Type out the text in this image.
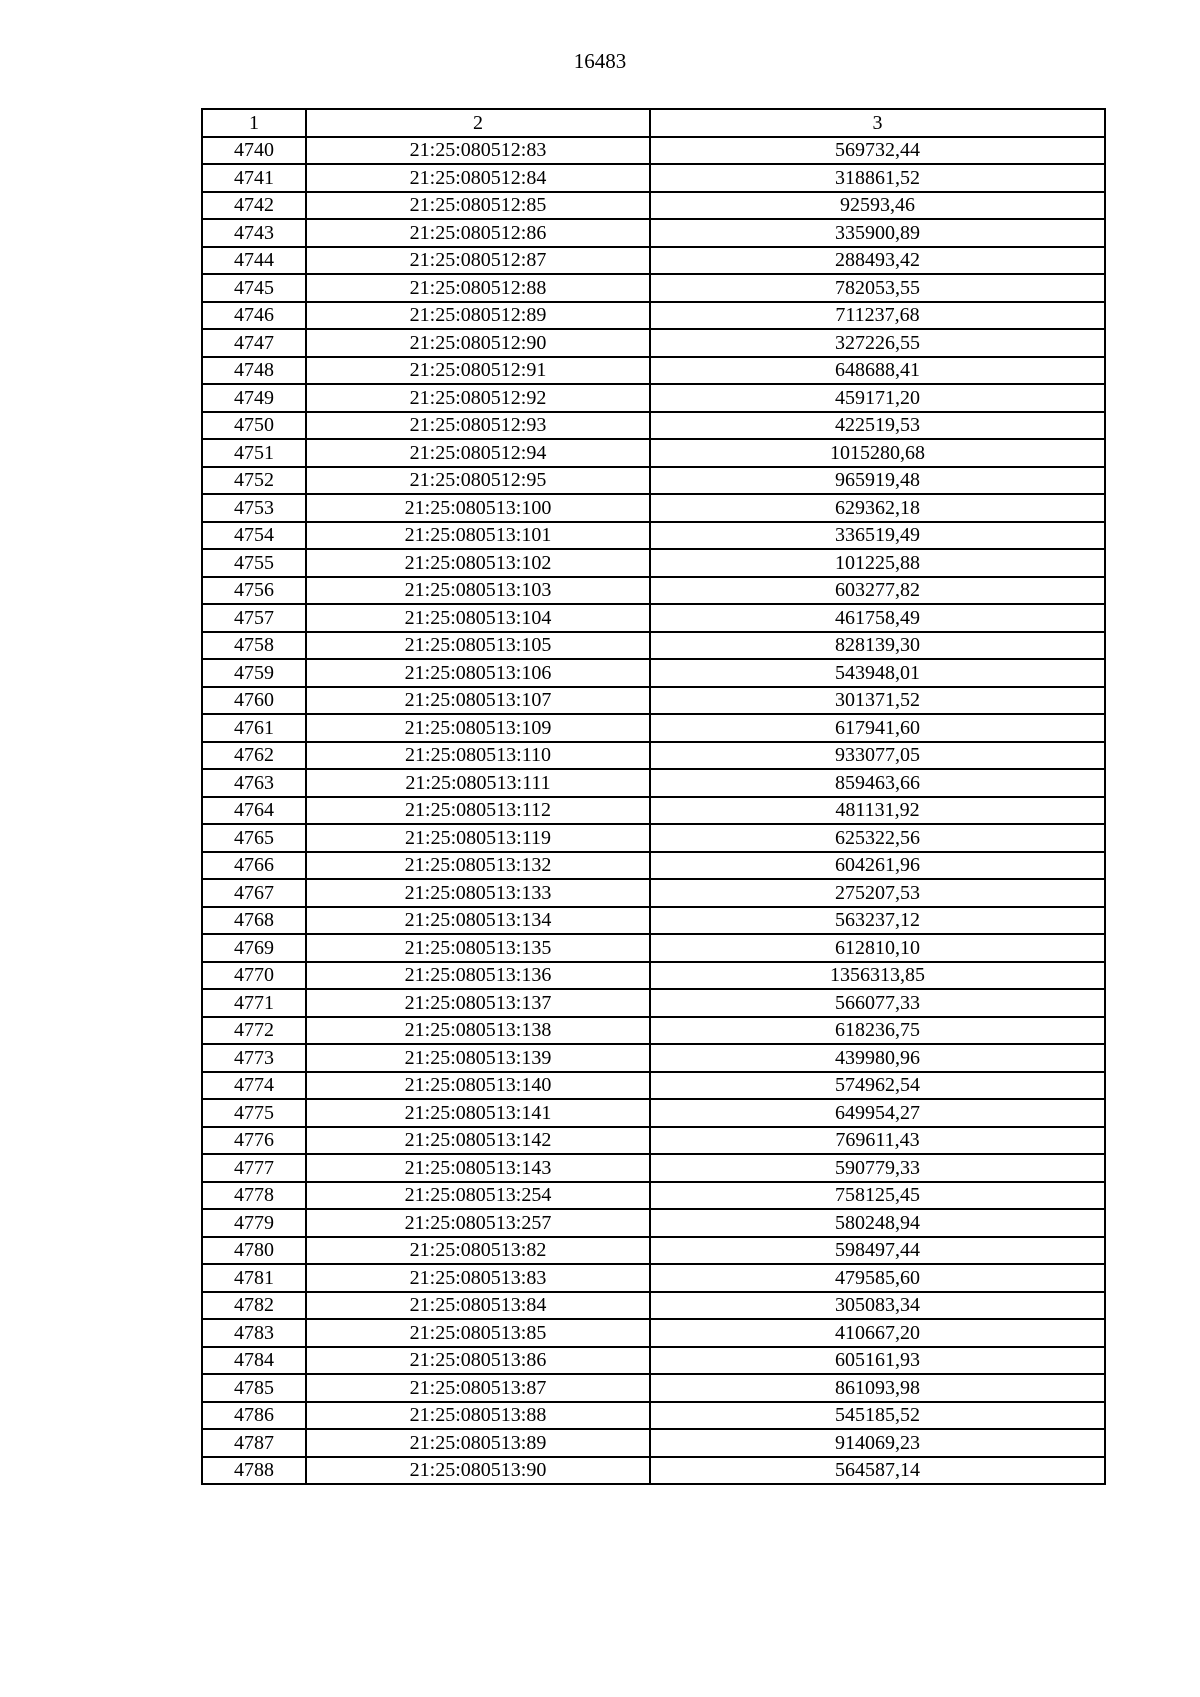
16483
1	2	3
4740	21:25:080512:83	569732,44
4741	21:25:080512:84	318861,52
4742	21:25:080512:85	92593,46
4743	21:25:080512:86	335900,89
4744	21:25:080512:87	288493,42
4745	21:25:080512:88	782053,55
4746	21:25:080512:89	711237,68
4747	21:25:080512:90	327226,55
4748	21:25:080512:91	648688,41
4749	21:25:080512:92	459171,20
4750	21:25:080512:93	422519,53
4751	21:25:080512:94	1015280,68
4752	21:25:080512:95	965919,48
4753	21:25:080513:100	629362,18
4754	21:25:080513:101	336519,49
4755	21:25:080513:102	101225,88
4756	21:25:080513:103	603277,82
4757	21:25:080513:104	461758,49
4758	21:25:080513:105	828139,30
4759	21:25:080513:106	543948,01
4760	21:25:080513:107	301371,52
4761	21:25:080513:109	617941,60
4762	21:25:080513:110	933077,05
4763	21:25:080513:111	859463,66
4764	21:25:080513:112	481131,92
4765	21:25:080513:119	625322,56
4766	21:25:080513:132	604261,96
4767	21:25:080513:133	275207,53
4768	21:25:080513:134	563237,12
4769	21:25:080513:135	612810,10
4770	21:25:080513:136	1356313,85
4771	21:25:080513:137	566077,33
4772	21:25:080513:138	618236,75
4773	21:25:080513:139	439980,96
4774	21:25:080513:140	574962,54
4775	21:25:080513:141	649954,27
4776	21:25:080513:142	769611,43
4777	21:25:080513:143	590779,33
4778	21:25:080513:254	758125,45
4779	21:25:080513:257	580248,94
4780	21:25:080513:82	598497,44
4781	21:25:080513:83	479585,60
4782	21:25:080513:84	305083,34
4783	21:25:080513:85	410667,20
4784	21:25:080513:86	605161,93
4785	21:25:080513:87	861093,98
4786	21:25:080513:88	545185,52
4787	21:25:080513:89	914069,23
4788	21:25:080513:90	564587,14
